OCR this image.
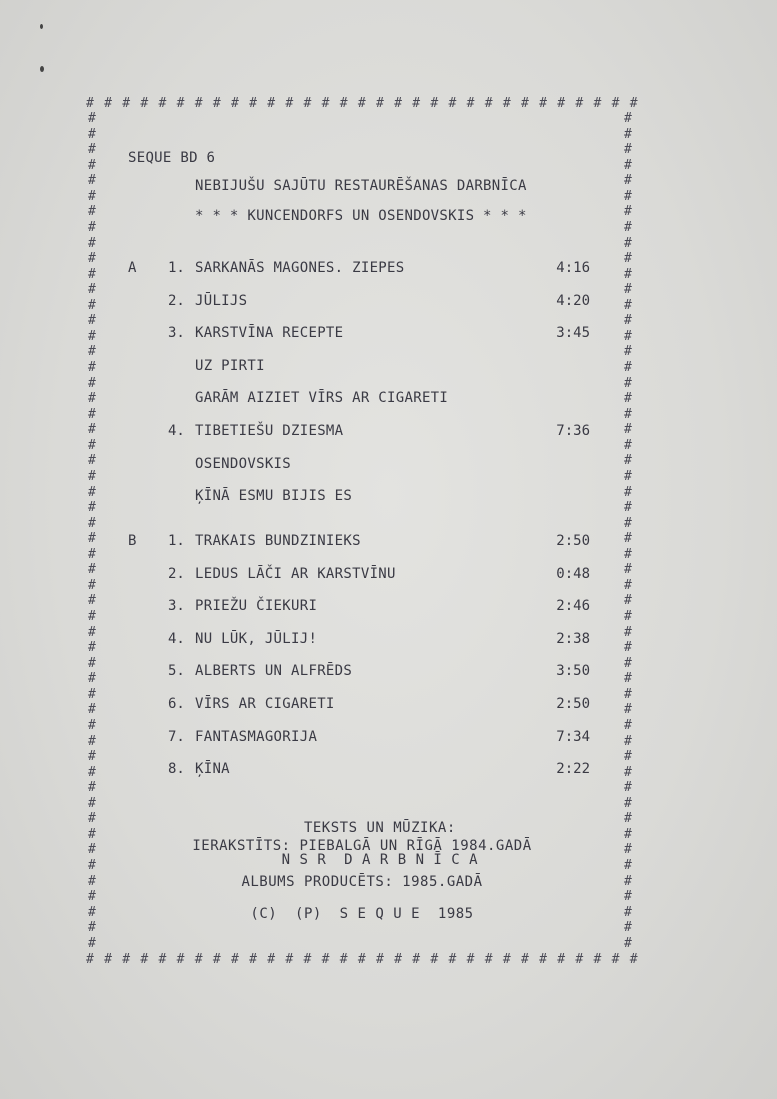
# # # # # # # # # # # # # # # # # # # # # # # # # # # # # # #
# # # # # # # # # # # # # # # # # # # # # # # # # # # # # # #
#
#
#
#
#
#
#
#
#
#
#
#
#
#
#
#
#
#
#
#
#
#
#
#
#
#
#
#
#
#
#
#
#
#
#
#
#
#
#
#
#
#
#
#
#
#
#
#
#
#
#
#
#
#
#
#
#
#
#
#
#
#
#
#
#
#
#
#
#
#
#
#
#
#
#
#
#
#
#
#
#
#
#
#
#
#
#
#
#
#
#
#
#
#
#
#
#
#
#
#
#
#
#
#
#
#
#
#
SEQUE BD 6
NEBIJUŠU SAJŪTU RESTAURĒŠANAS DARBNĪCA
* * * KUNCENDORFS UN OSENDOVSKIS * * *
A 1. SARKANĀS MAGONES. ZIEPES	4:16
2. JŪLIJS	4:20
3. KARSTVĪNA RECEPTE	3:45
UZ PIRTI
GARĀM AIZIET VĪRS AR CIGARETI
4. TIBETIEŠU DZIESMA	7:36
OSENDOVSKIS
ĶĪNĀ ESMU BIJIS ES
B 1. TRAKAIS BUNDZINIEKS	2:50
2. LEDUS LĀČI AR KARSTVĪNU	0:48
3. PRIEŽU ČIEKURI	2:46
4. NU LŪK, JŪLIJ!	2:38
5. ALBERTS UN ALFRĒDS	3:50
6. VĪRS AR CIGARETI	2:50
7. FANTASMAGORIJA	7:34
8. ĶĪNA	2:22

TEKSTS UN MŪZIKA:

N S R  D A R B N Ī C A

IERAKSTĪTS: PIEBALGĀ UN RĪGĀ 1984.GADĀ
ALBUMS PRODUCĒTS: 1985.GADĀ
(C)  (P)  S E Q U E  1985
